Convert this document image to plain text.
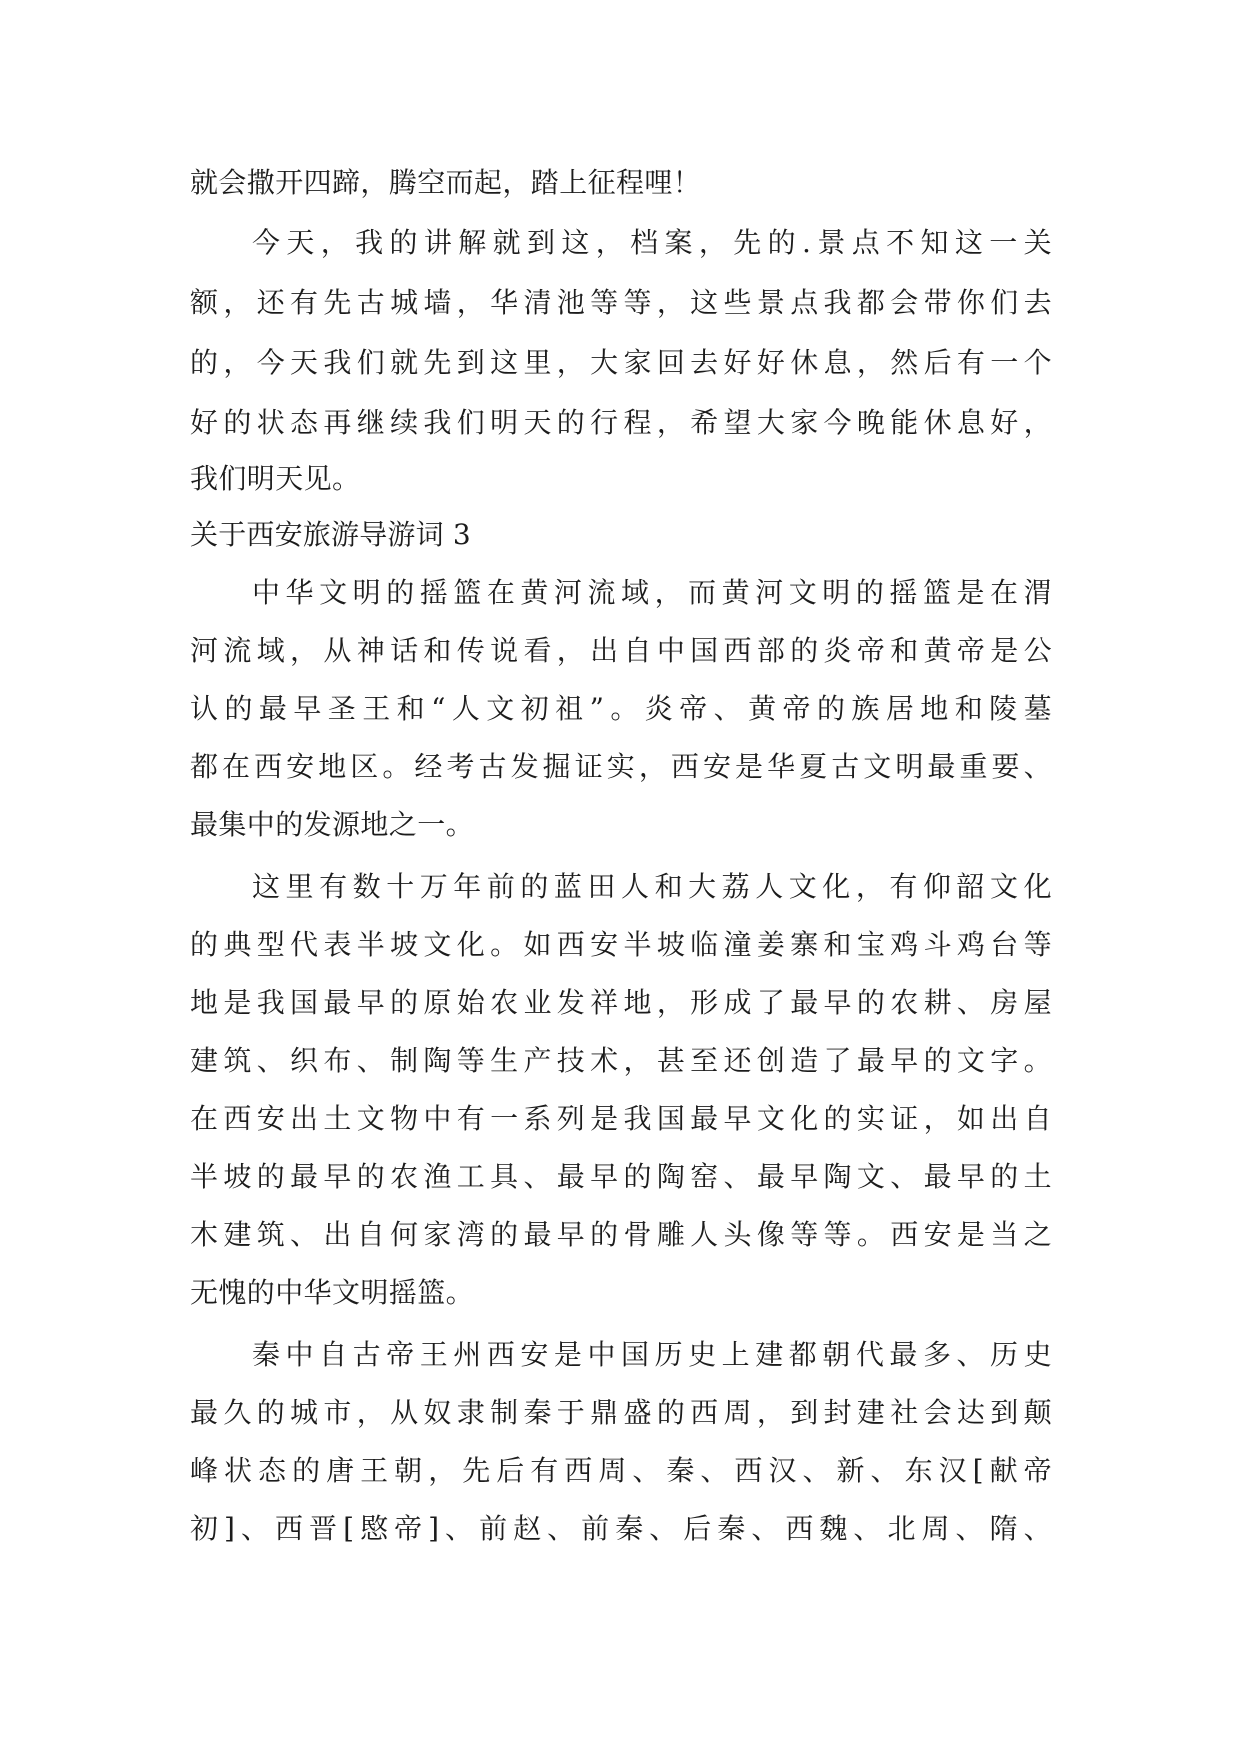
就会撒开四蹄，腾空而起，踏上征程哩！
今天，我的讲解就到这，档案，先的.景点不知这一关
额，还有先古城墙，华清池等等，这些景点我都会带你们去
的，今天我们就先到这里，大家回去好好休息，然后有一个
好的状态再继续我们明天的行程，希望大家今晚能休息好，
我们明天见。
关于西安旅游导游词 3
中华文明的摇篮在黄河流域，而黄河文明的摇篮是在渭
河流域，从神话和传说看，出自中国西部的炎帝和黄帝是公
认的最早圣王和“人文初祖”。炎帝、黄帝的族居地和陵墓
都在西安地区。经考古发掘证实，西安是华夏古文明最重要、
最集中的发源地之一。
这里有数十万年前的蓝田人和大荔人文化，有仰韶文化
的典型代表半坡文化。如西安半坡临潼姜寨和宝鸡斗鸡台等
地是我国最早的原始农业发祥地，形成了最早的农耕、房屋
建筑、织布、制陶等生产技术，甚至还创造了最早的文字。
在西安出土文物中有一系列是我国最早文化的实证，如出自
半坡的最早的农渔工具、最早的陶窑、最早陶文、最早的土
木建筑、出自何家湾的最早的骨雕人头像等等。西安是当之
无愧的中华文明摇篮。
秦中自古帝王州西安是中国历史上建都朝代最多、历史
最久的城市，从奴隶制秦于鼎盛的西周，到封建社会达到颠
峰状态的唐王朝，先后有西周、秦、西汉、新、东汉[献帝
初]、西晋[愍帝]、前赵、前秦、后秦、西魏、北周、隋、
